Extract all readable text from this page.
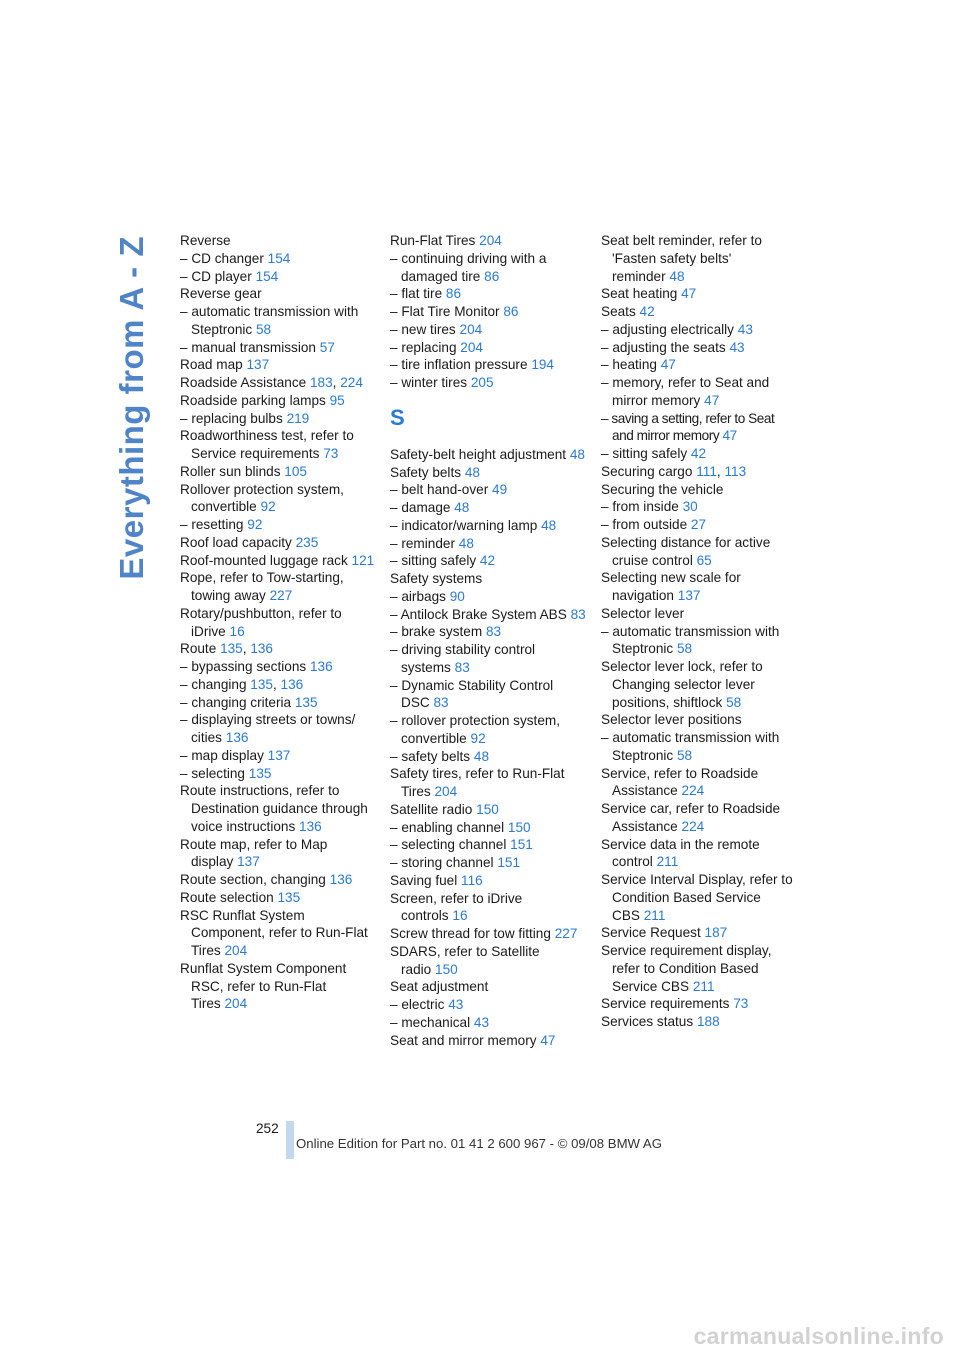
Everything from A - Z Reverse

– CD changer 154

– CD player 154

Reverse gear

– automatic transmission with Steptronic 58

– manual transmission 57

Road map 137

Roadside Assistance 183, 224

Roadside parking lamps 95

– replacing bulbs 219

Roadworthiness test, refer to Service requirements 73

Roller sun blinds 105

Rollover protection system, convertible 92

– resetting 92

Roof load capacity 235

Roof-mounted luggage rack 121

Rope, refer to Tow-starting, towing away 227

Rotary/pushbutton, refer to iDrive 16

Route 135, 136

– bypassing sections 136

– changing 135, 136

– changing criteria 135

– displaying streets or towns/ cities 136

– map display 137

– selecting 135

Route instructions, refer to Destination guidance through voice instructions 136

Route map, refer to Map display 137

Route section, changing 136

Route selection 135

RSC Runflat System Component, refer to Run-Flat Tires 204

Runflat System Component RSC, refer to Run-Flat Tires 204

Run-Flat Tires 204

– continuing driving with a damaged tire 86

– flat tire 86

– Flat Tire Monitor 86

– new tires 204

– replacing 204

– tire inflation pressure 194

– winter tires 205

S

Safety-belt height adjustment 48

Safety belts 48

– belt hand-over 49

– damage 48

– indicator/warning lamp 48

– reminder 48

– sitting safely 42

Safety systems

– airbags 90

– Antilock Brake System ABS 83

– brake system 83

– driving stability control systems 83

– Dynamic Stability Control DSC 83

– rollover protection system, convertible 92

– safety belts 48

Safety tires, refer to Run-Flat Tires 204

Satellite radio 150

– enabling channel 150

– selecting channel 151

– storing channel 151

Saving fuel 116

Screen, refer to iDrive controls 16

Screw thread for tow fitting 227

SDARS, refer to Satellite radio 150

Seat adjustment

– electric 43

– mechanical 43

Seat and mirror memory 47

Seat belt reminder, refer to 'Fasten safety belts' reminder 48

Seat heating 47

Seats 42

– adjusting electrically 43

– adjusting the seats 43

– heating 47

– memory, refer to Seat and mirror memory 47

– saving a setting, refer to Seat and mirror memory 47

– sitting safely 42

Securing cargo 111, 113

Securing the vehicle

– from inside 30

– from outside 27

Selecting distance for active cruise control 65

Selecting new scale for navigation 137

Selector lever

– automatic transmission with Steptronic 58

Selector lever lock, refer to Changing selector lever positions, shiftlock 58

Selector lever positions

– automatic transmission with Steptronic 58

Service, refer to Roadside Assistance 224

Service car, refer to Roadside Assistance 224

Service data in the remote control 211

Service Interval Display, refer to Condition Based Service CBS 211

Service Request 187

Service requirement display, refer to Condition Based Service CBS 211

Service requirements 73

Services status 188

252
Online Edition for Part no. 01 41 2 600 967 - © 09/08 BMW AG
carmanualsonline.info
